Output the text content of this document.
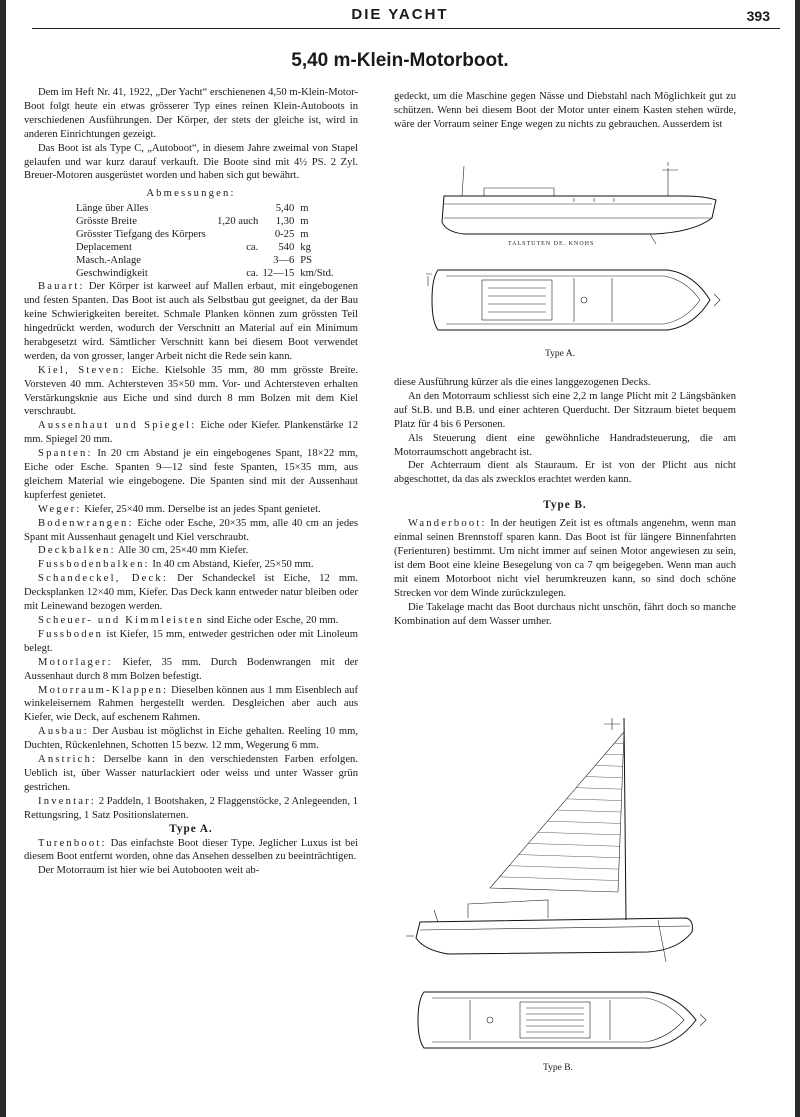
DIE YACHT	393
5,40 m-Klein-Motorboot.

Dem im Heft Nr. 41, 1922, „Der Yacht“ erschienenen 4,50 m-Klein-Motor-Boot folgt heute ein etwas grösserer Typ eines reinen Klein-Autoboots in verschiedenen Ausführungen. Der Körper, der stets der gleiche ist, wird in anderen Einrichtungen gezeigt.

Das Boot ist als Type C, „Autoboot“, in diesem Jahre zweimal von Stapel gelaufen und war kurz darauf verkauft. Die Boote sind mit 4½ PS. 2 Zyl. Breuer-Motoren ausgerüstet worden und haben sich gut bewährt.

Abmessungen:

Länge über Alles		5,40	m
Grösste Breite	1,20 auch	1,30	m
Grösster Tiefgang des Körpers		0-25	m
Deplacement	ca.	540	kg
Masch.-Anlage		3—6	PS
Geschwindigkeit	ca.	12—15	km/Std.

Bauart: Der Körper ist karweel auf Mallen erbaut, mit eingebogenen und festen Spanten. Das Boot ist auch als Selbstbau gut geeignet, da der Bau keine Schwierigkeiten bereitet. Schmale Planken können zum grössten Teil hingedrückt werden, wodurch der Verschnitt an Material auf ein Minimum herabgesetzt wird. Sämtlicher Verschnitt kann bei diesem Boot verwendet werden, da von grosser, langer Arbeit nicht die Rede sein kann.

Kiel, Steven: Eiche. Kielsohle 35 mm, 80 mm grösste Breite. Vorsteven 40 mm. Achtersteven 35×50 mm. Vor- und Achtersteven erhalten Verstärkungsknie aus Eiche und sind durch 8 mm Bolzen mit dem Kiel verschraubt.

Aussenhaut und Spiegel: Eiche oder Kiefer. Plankenstärke 12 mm. Spiegel 20 mm.

Spanten: In 20 cm Abstand je ein eingebogenes Spant, 18×22 mm, Eiche oder Esche. Spanten 9—12 sind feste Spanten, 15×35 mm, aus gleichem Material wie eingebogene. Die Spanten sind mit der Aussenhaut kupferfest genietet.

Weger: Kiefer, 25×40 mm. Derselbe ist an jedes Spant genietet.

Bodenwrangen: Eiche oder Esche, 20×35 mm, alle 40 cm an jedes Spant mit Aussenhaut genagelt und Kiel verschraubt.

Deckbalken: Alle 30 cm, 25×40 mm Kiefer.

Fussbodenbalken: In 40 cm Abstand, Kiefer, 25×50 mm.

Schandeckel, Deck: Der Schandeckel ist Eiche, 12 mm. Decksplanken 12×40 mm, Kiefer. Das Deck kann entweder natur bleiben oder mit Leinewand bezogen werden.

Scheuer- und Kimmleisten sind Eiche oder Esche, 20 mm.

Fussboden ist Kiefer, 15 mm, entweder gestrichen oder mit Linoleum belegt.

Motorlager: Kiefer, 35 mm. Durch Bodenwrangen mit der Aussenhaut durch 8 mm Bolzen befestigt.

Motorraum-Klappen: Dieselben können aus 1 mm Eisenblech auf winkeleisernem Rahmen hergestellt werden. Desgleichen aber auch aus Kiefer, wie Deck, auf eschenem Rahmen.

Ausbau: Der Ausbau ist möglichst in Eiche gehalten. Reeling 10 mm, Duchten, Rückenlehnen, Schotten 15 bezw. 12 mm, Wegerung 6 mm.

Anstrich: Derselbe kann in den verschiedensten Farben erfolgen. Ueblich ist, über Wasser naturlackiert oder weiss und unter Wasser grün gestrichen.

Inventar: 2 Paddeln, 1 Bootshaken, 2 Flaggenstöcke, 2 Anlegeenden, 1 Rettungsring, 1 Satz Positionslaternen.

Type A.

Turenboot: Das einfachste Boot dieser Type. Jeglicher Luxus ist bei diesem Boot entfernt worden, ohne das Ansehen desselben zu beeinträchtigen.

Der Motorraum ist hier wie bei Autobooten weit ab-

gedeckt, um die Maschine gegen Nässe und Diebstahl nach Möglichkeit gut zu schützen. Wenn bei diesem Boot der Motor unter einem Kasten stehen würde, wäre der Vorraum seiner Enge wegen zu nichts zu gebrauchen. Ausserdem ist

TALSTUTEN DE. KNOHS
Type A.

diese Ausführung kürzer als die eines langgezogenen Decks.

An den Motorraum schliesst sich eine 2,2 m lange Plicht mit 2 Längsbänken auf St.B. und B.B. und einer achteren Querducht. Der Sitzraum bietet bequem Platz für 4 bis 6 Personen.

Als Steuerung dient eine gewöhnliche Handradsteuerung, die am Motorraumschott angebracht ist.

Der Achterraum dient als Stauraum. Er ist von der Plicht aus nicht abgeschottet, da das als zwecklos erachtet werden kann.

Type B.

Wanderboot: In der heutigen Zeit ist es oftmals angenehm, wenn man einmal seinen Brennstoff sparen kann. Das Boot ist für längere Binnenfahrten (Ferienturen) bestimmt. Um nicht immer auf seinen Motor angewiesen zu sein, ist dem Boot eine kleine Besegelung von ca 7 qm beigegeben. Wenn man auch mit einem Motorboot nicht viel herumkreuzen kann, so sind doch schöne Strecken vor dem Winde zurückzulegen.

Die Takelage macht das Boot durchaus nicht unschön, fährt doch so manche Kombination auf dem Wasser umher.

Type B.
